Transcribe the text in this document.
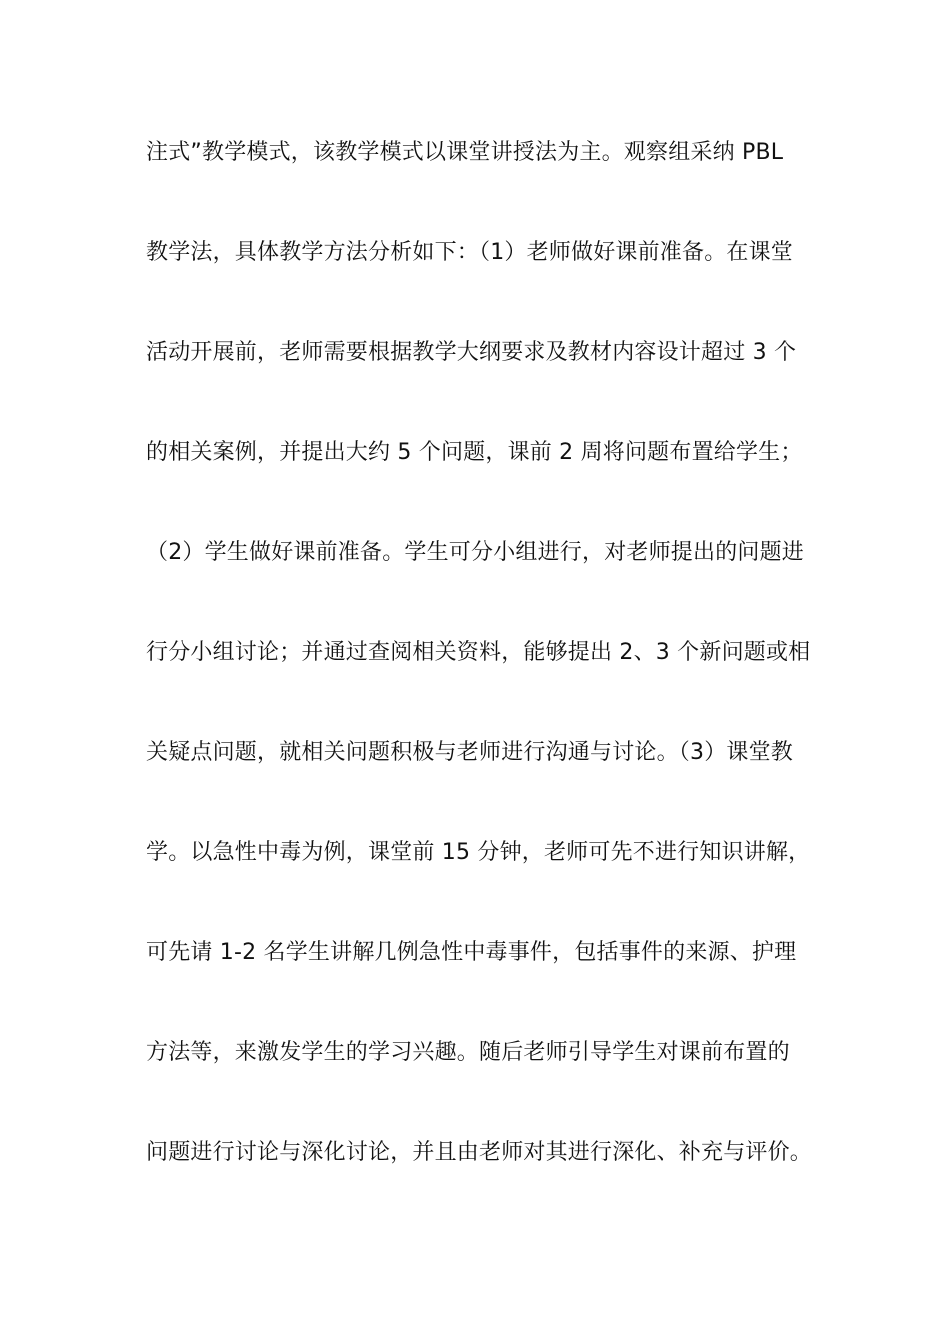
注式”教学模式，该教学模式以课堂讲授法为主。观察组采纳 PBL
教学法，具体教学方法分析如下：（1）老师做好课前准备。在课堂
活动开展前，老师需要根据教学大纲要求及教材内容设计超过 3 个
的相关案例，并提出大约 5 个问题，课前 2 周将问题布置给学生；
（2）学生做好课前准备。学生可分小组进行，对老师提出的问题进
行分小组讨论；并通过查阅相关资料，能够提出 2、3 个新问题或相
关疑点问题，就相关问题积极与老师进行沟通与讨论。（3）课堂教
学。以急性中毒为例，课堂前 15 分钟，老师可先不进行知识讲解，
可先请 1-2 名学生讲解几例急性中毒事件，包括事件的来源、护理
方法等，来激发学生的学习兴趣。随后老师引导学生对课前布置的
问题进行讨论与深化讨论，并且由老师对其进行深化、补充与评价。
